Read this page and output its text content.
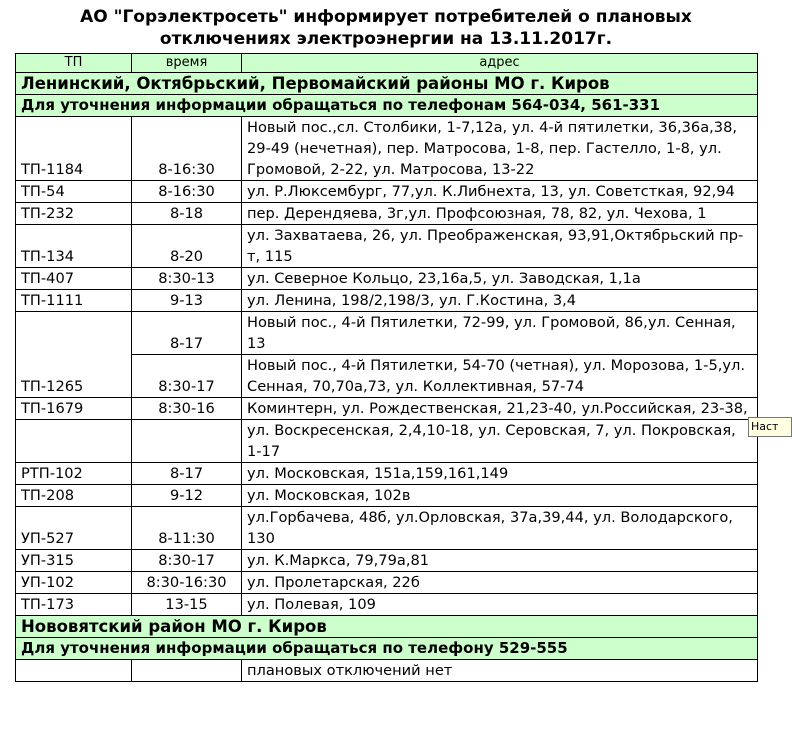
АО "Горэлектросеть" информирует потребителей о плановых
отключениях электроэнергии на 13.11.2017г.
ТП	время	адрес
Ленинский, Октябрьский, Первомайский районы МО г. Киров		
Для уточнения информации обращаться по телефонам 564-034, 561-331		
ТП-1184	8-16:30	Новый пос.,сл. Столбики, 1-7,12а, ул. 4-й пятилетки, 36,36а,38, 29-49 (нечетная), пер. Матросова, 1-8, пер. Гастелло, 1-8, ул. Громовой, 2-22, ул. Матросова, 13-22
ТП-54	8-16:30	ул. Р.Люксембург, 77,ул. К.Либнехта, 13, ул. Советсткая, 92,94
ТП-232	8-18	пер. Дерендяева, 3г,ул. Профсоюзная, 78, 82, ул. Чехова, 1
ТП-134	8-20	ул. Захватаева, 26, ул. Преображенская, 93,91,Октябрьский пр-т, 115
ТП-407	8:30-13	ул. Северное Кольцо, 23,16а,5, ул. Заводская, 1,1а
ТП-1111	9-13	ул. Ленина, 198/2,198/3, ул. Г.Костина, 3,4
ТП-1265	8-17	Новый пос., 4-й Пятилетки, 72-99, ул. Громовой, 86,ул. Сенная, 13
	8:30-17	Новый пос., 4-й Пятилетки, 54-70 (четная), ул. Морозова, 1-5,ул. Сенная, 70,70а,73, ул. Коллективная, 57-74
ТП-1679	8:30-16	Коминтерн, ул. Рождественская, 21,23-40, ул.Российская, 23-38,
		ул. Воскресенская, 2,4,10-18, ул. Серовская, 7, ул. Покровская, 1-17
РТП-102	8-17	ул. Московская, 151а,159,161,149
ТП-208	9-12	ул. Московская, 102в
УП-527	8-11:30	ул.Горбачева, 48б, ул.Орловская, 37а,39,44, ул. Володарского, 130
УП-315	8:30-17	ул. К.Маркса, 79,79а,81
УП-102	8:30-16:30	ул. Пролетарская, 22б
ТП-173	13-15	ул. Полевая, 109
Нововятский район МО г. Киров		
Для уточнения информации обращаться по телефону 529-555		
		плановых отключений нет
Наст
